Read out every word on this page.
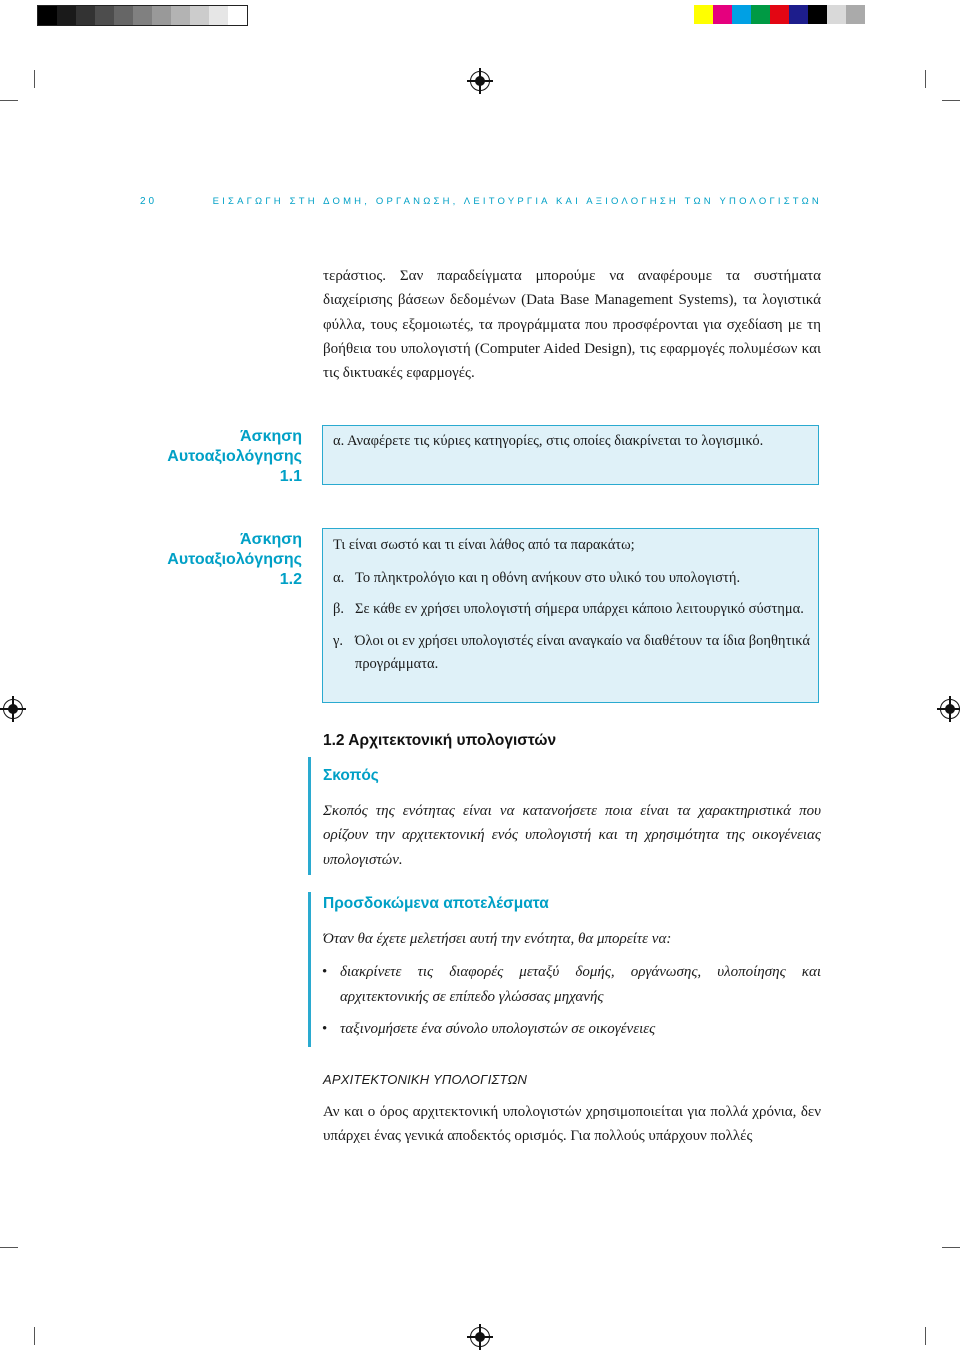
20	ΕΙΣΑΓΩΓΗ ΣΤΗ ΔΟΜΗ, ΟΡΓΑΝΩΣΗ, ΛΕΙΤΟΥΡΓΙΑ ΚΑΙ ΑΞΙΟΛΟΓΗΣΗ ΤΩΝ ΥΠΟΛΟΓΙΣΤΩΝ
τεράστιος. Σαν παραδείγματα μπορούμε να αναφέρουμε τα συστήματα διαχείρισης βάσεων δεδομένων (Data Base Management Systems), τα λογιστικά φύλλα, τους εξομοιωτές, τα προγράμματα που προσφέρονται για σχεδίαση με τη βοήθεια του υπολογιστή (Computer Aided Design), τις εφαρμογές πολυμέσων και τις δικτυακές εφαρμογές.
Άσκηση
Αυτοαξιολόγησης
1.1

α. Αναφέρετε τις κύριες κατηγορίες, στις οποίες διακρίνεται το λογισμικό.

Άσκηση
Αυτοαξιολόγησης
1.2

Τι είναι σωστό και τι είναι λάθος από τα παρακάτω;

α. Το πληκτρολόγιο και η οθόνη ανήκουν στο υλικό του υπολογιστή.

β. Σε κάθε εν χρήσει υπολογιστή σήμερα υπάρχει κάποιο λειτουργικό σύστημα.

γ. Όλοι οι εν χρήσει υπολογιστές είναι αναγκαίο να διαθέτουν τα ίδια βοηθητικά προγράμματα.

1.2 Αρχιτεκτονική υπολογιστών
Σκοπός
Σκοπός της ενότητας είναι να κατανοήσετε ποια είναι τα χαρακτηριστικά που ορίζουν την αρχιτεκτονική ενός υπολογιστή και τη χρησιμότητα της οικογένειας υπολογιστών.
Προσδοκώμενα αποτελέσματα
Όταν θα έχετε μελετήσει αυτή την ενότητα, θα μπορείτε να:
• διακρίνετε τις διαφορές μεταξύ δομής, οργάνωσης, υλοποίησης και αρχιτεκτονικής σε επίπεδο γλώσσας μηχανής
• ταξινομήσετε ένα σύνολο υπολογιστών σε οικογένειες
ΑΡΧΙΤΕΚΤΟΝΙΚΗ ΥΠΟΛΟΓΙΣΤΩΝ
Αν και ο όρος αρχιτεκτονική υπολογιστών χρησιμοποιείται για πολλά χρόνια, δεν υπάρχει ένας γενικά αποδεκτός ορισμός. Για πολλούς υπάρχουν πολλές
